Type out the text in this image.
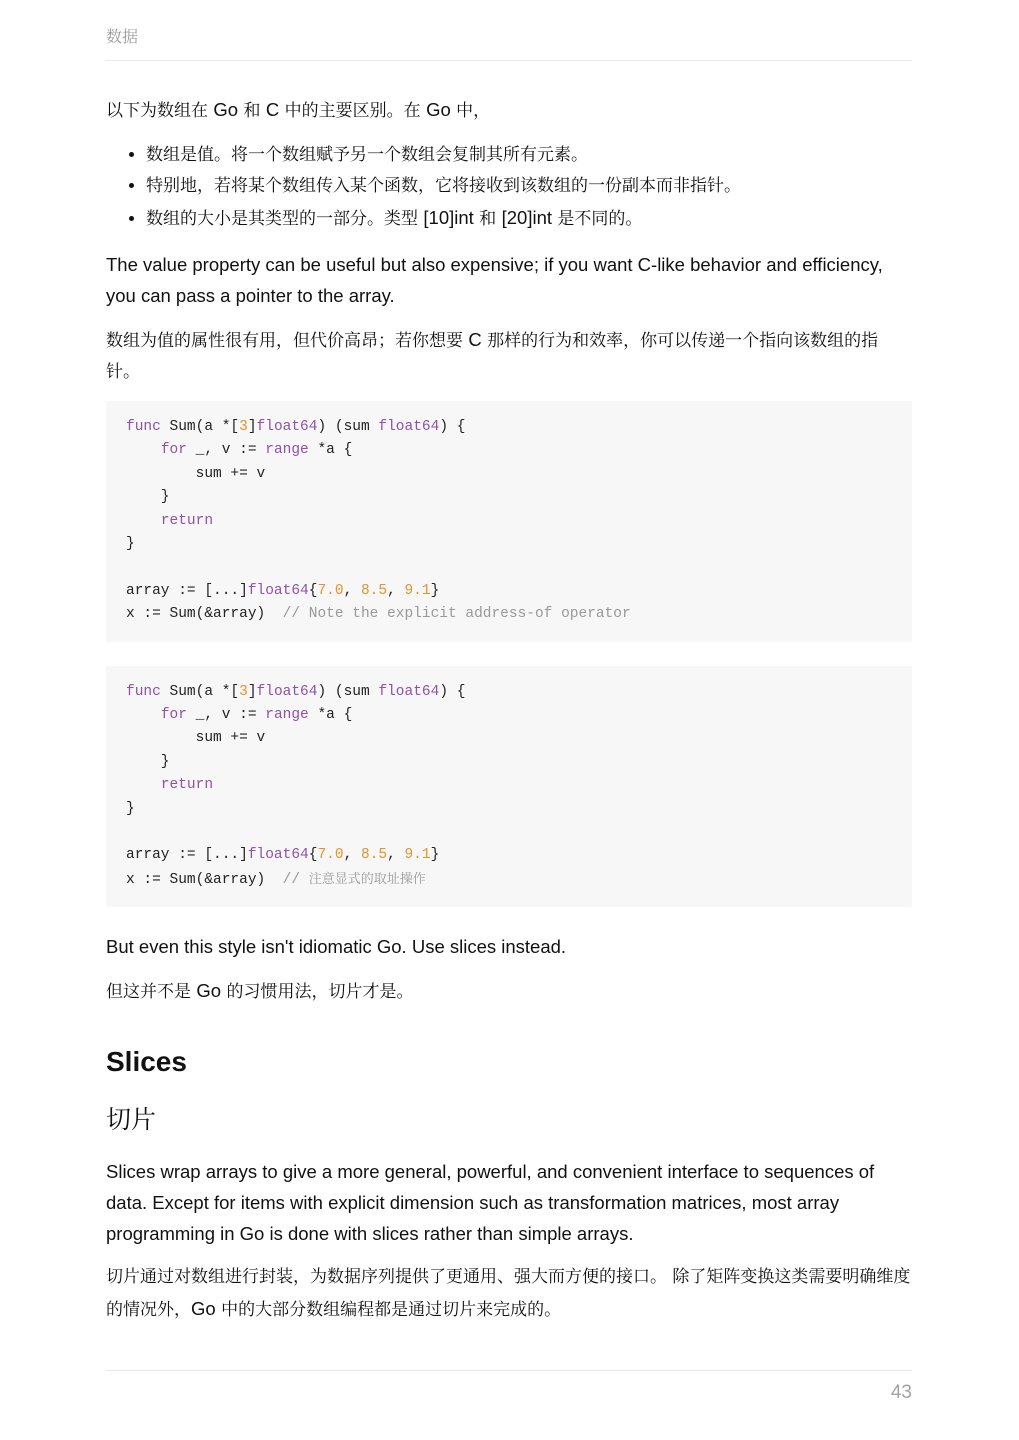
数据

以下为数组在 Go 和 C 中的主要区别。在 Go 中，

• 数组是值。将一个数组赋予另一个数组会复制其所有元素。
• 特别地，若将某个数组传入某个函数，它将接收到该数组的一份副本而非指针。
• 数组的大小是其类型的一部分。类型 [10]int 和 [20]int 是不同的。

The value property can be useful but also expensive; if you want C-like behavior and efficiency, you can pass a pointer to the array.

数组为值的属性很有用，但代价高昂；若你想要 C 那样的行为和效率，你可以传递一个指向该数组的指针。

func Sum(a *[3]float64) (sum float64) {
for _, v := range *a {
sum += v
}
return
}
array := [...]float64{7.0, 8.5, 9.1}
x := Sum(&array)  // Note the explicit address-of operator
func Sum(a *[3]float64) (sum float64) {
for _, v := range *a {
sum += v
}
return
}
array := [...]float64{7.0, 8.5, 9.1}
x := Sum(&array)  // 注意显式的取址操作

But even this style isn't idiomatic Go. Use slices instead.

但这并不是 Go 的习惯用法，切片才是。

Slices
切片

Slices wrap arrays to give a more general, powerful, and convenient interface to sequences of data. Except for items with explicit dimension such as transformation matrices, most array programming in Go is done with slices rather than simple arrays.

切片通过对数组进行封装，为数据序列提供了更通用、强大而方便的接口。 除了矩阵变换这类需要明确维度的情况外，Go 中的大部分数组编程都是通过切片来完成的。

43
